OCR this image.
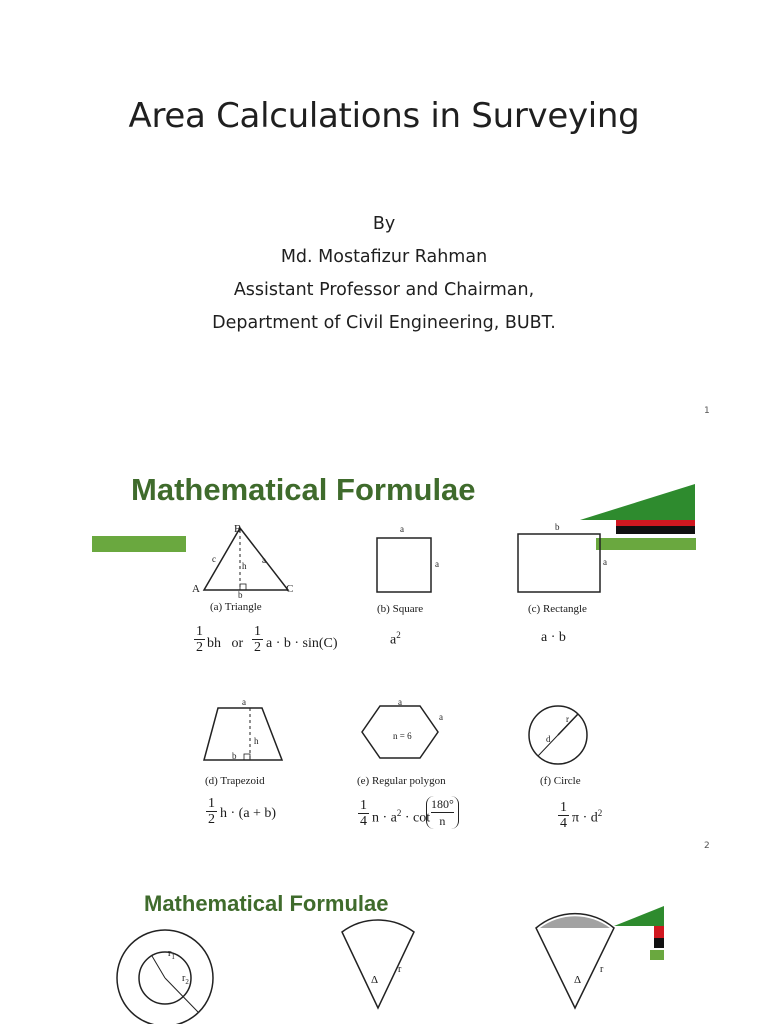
Area Calculations in Surveying
By
Md. Mostafizur Rahman
Assistant Professor and Chairman,
Department of Civil Engineering, BUBT.
1
Mathematical Formulae

B
A	C
c	a
h
b
(a) Triangle
1
2 bh   or
1
2 a · b · sin(C)
a
a
(b) Square
$a^2$
b
a
(c) Rectangle
a · b
a
h
b
(d) Trapezoid
1
2 h · (a + b)
a
a
n = 6
(e) Regular polygon
1
4 $n \cdot a^2 \cdot \cot$
180°
n
r
d
(f) Circle
1
4 $\pi \cdot d^2$
2
Mathematical Formulae
$r_1$
$r_2$	Δ
r
Δ
r
